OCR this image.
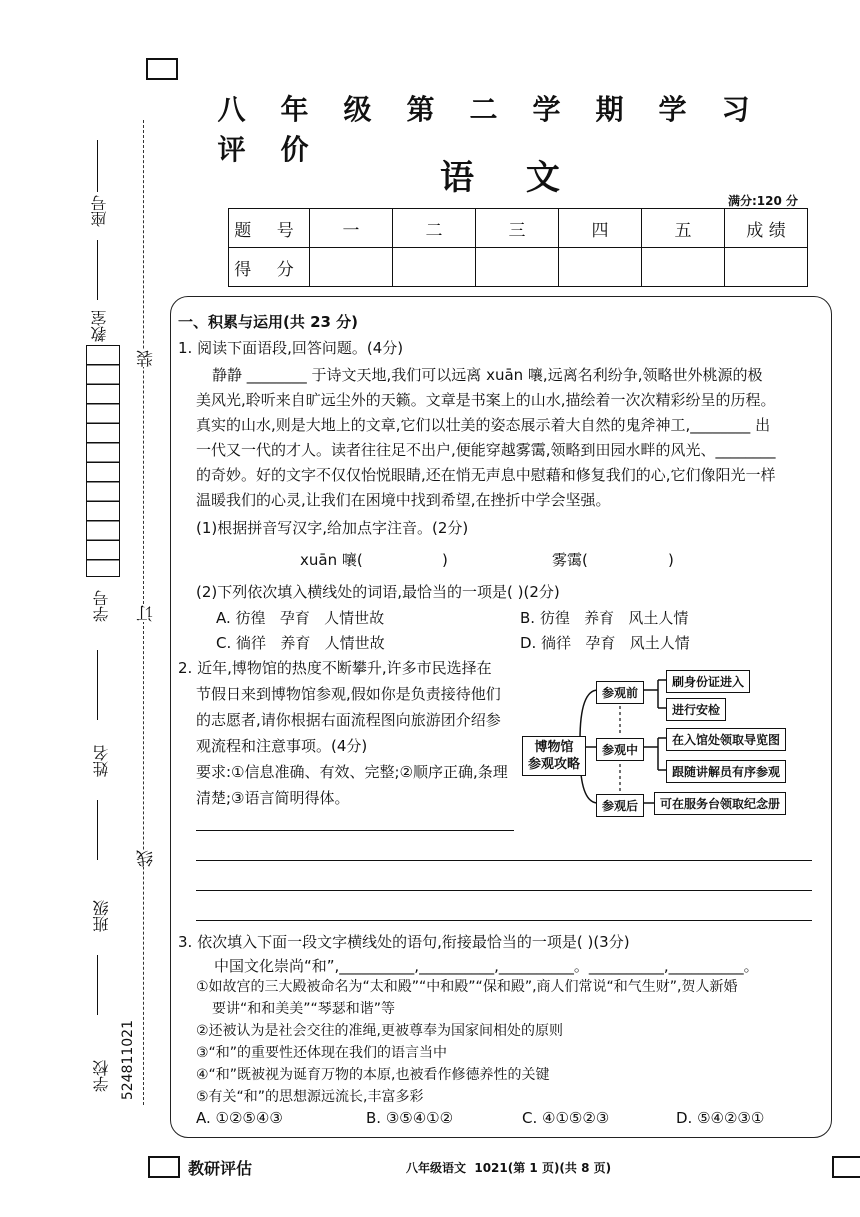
座号
教室
装
学号 订
姓名
线
班级
学校 524811021
八 年 级 第 二 学 期 学 习评 价
语 文
满分:120 分
题 号	一	二	三	四	五	成 绩
得 分						
一、积累与运用(共 23 分)
1. 阅读下面语段,回答问题。(4分)
静静 ________ 于诗文天地,我们可以远离 xuān 嚷,远离名利纷争,领略世外桃源的极
美风光,聆听来自旷远尘外的天籁。文章是书案上的山水,描绘着一次次精彩纷呈的历程。
真实的山水,则是大地上的文章,它们以壮美的姿态展示着大自然的鬼斧神工,________ 出
一代又一代的才人。读者往往足不出户,便能穿越雾霭,领略到田园水畔的风光、________
的奇妙。好的文字不仅仅怡悦眼睛,还在悄无声息中慰藉和修复我们的心,它们像阳光一样
温暖我们的心灵,让我们在困境中找到希望,在挫折中学会坚强。
(1)根据拼音写汉字,给加点字注音。(2分)
xuān 嚷(	)	雾霭(	)
(2)下列依次填入横线处的词语,最恰当的一项是( )(2分)
A. 彷徨   孕育   人情世故	B. 彷徨   养育   风土人情
C. 徜徉   养育   人情世故	D. 徜徉   孕育   风土人情
2. 近年,博物馆的热度不断攀升,许多市民选择在
节假日来到博物馆参观,假如你是负责接待他们
的志愿者,请你根据右面流程图向旅游团介绍参
观流程和注意事项。(4分)
要求:①信息准确、有效、完整;②顺序正确,条理
清楚;③语言简明得体。
博物馆
参观攻略
参观前
参观中
参观后
刷身份证进入
进行安检
在入馆处领取导览图
跟随讲解员有序参观
可在服务台领取纪念册
3. 依次填入下面一段文字横线处的语句,衔接最恰当的一项是( )(3分)
中国文化崇尚“和”,__________,__________,__________。__________,__________。
①如故宫的三大殿被命名为“太和殿”“中和殿”“保和殿”,商人们常说“和气生财”,贺人新婚
要讲“和和美美”“琴瑟和谐”等
②还被认为是社会交往的准绳,更被尊奉为国家间相处的原则
③“和”的重要性还体现在我们的语言当中
④“和”既被视为诞育万物的本原,也被看作修德养性的关键
⑤有关“和”的思想源远流长,丰富多彩
A. ①②⑤④③	B. ③⑤④①②	C. ④①⑤②③	D. ⑤④②③①
教研评估	八年级语文  1021(第 1 页)(共 8 页)
